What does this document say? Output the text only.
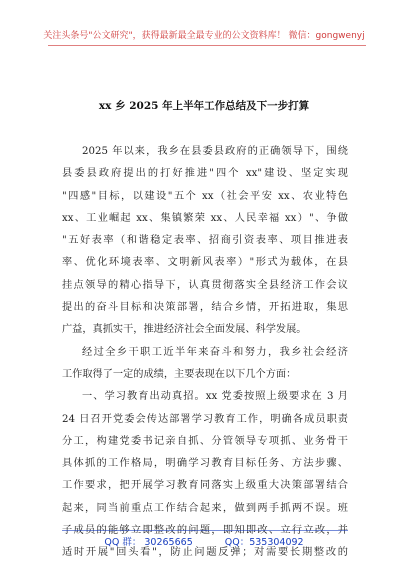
关注头条号"公文研究"，获得最新最全最专业的公文资料库！ 微信：gongwenyj
xx 乡 2025 年上半年工作总结及下一步打算
2025 年以来，我乡在县委县政府的正确领导下，围绕
县委县政府提出的打好推进"四个 xx"建设、坚定实现
"四感"目标，以建设"五个 xx（社会平安 xx、农业特色
xx、工业崛起 xx、集镇繁荣 xx、人民幸福 xx）"、争做
"五好表率（和谐稳定表率、招商引资表率、项目推进表
率、优化环境表率、文明新风表率）"形式为载体，在县
挂点领导的精心指导下，认真贯彻落实全县经济工作会议
提出的奋斗目标和决策部署，结合乡情，开拓进取，集思
广益，真抓实干，推进经济社会全面发展、科学发展。
经过全乡干职工近半年来奋斗和努力，我乡社会经济
工作取得了一定的成绩，主要表现在以下几个方面：
一、学习教育出动真招。xx 党委按照上级要求在 3 月
24 日召开党委会传达部署学习教育工作，明确各成员职责
分工，构建党委书记亲自抓、分管领导专项抓、业务骨干
具体抓的工作格局，明确学习教育目标任务、方法步骤、
工作要求，把开展学习教育同落实上级重大决策部署结合
起来，同当前重点工作结合起来，做到两手抓两不误。班
适时开展"回头看"，防止问题反弹；对需要长期整改的
QQ 群： 30265665	QQ：535304092
